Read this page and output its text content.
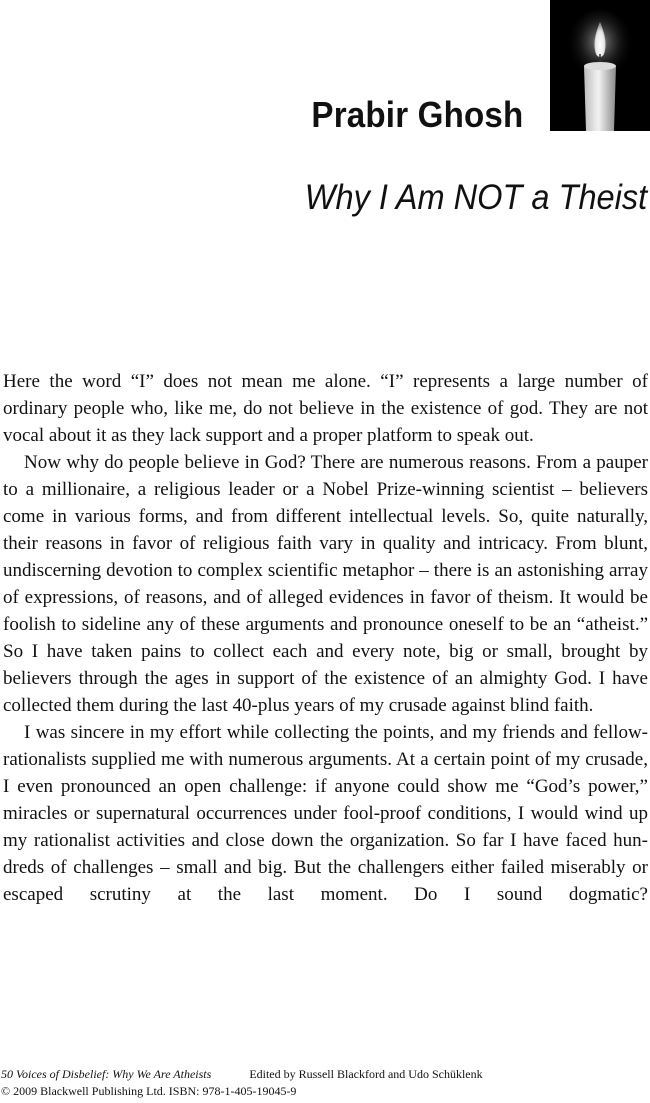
Prabir Ghosh
Why I Am NOT a Theist

Here the word “I” does not mean me alone. “I” represents a large number of ordinary people who, like me, do not believe in the existence of god. They are not vocal about it as they lack support and a proper platform to speak out.

Now why do people believe in God? There are numerous reasons. From a pauper to a millionaire, a religious leader or a Nobel Prize-winning scientist – believers come in various forms, and from different intellectual levels. So, quite naturally, their reasons in favor of religious faith vary in quality and intricacy. From blunt, undiscerning devotion to complex scientific metaphor – there is an astonishing array of expressions, of reasons, and of alleged evidences in favor of theism. It would be foolish to sideline any of these arguments and pronounce oneself to be an “atheist.” So I have taken pains to collect each and every note, big or small, brought by believers through the ages in support of the existence of an almighty God. I have collected them during the last 40-plus years of my crusade against blind faith.

I was sincere in my effort while collecting the points, and my friends and fellow-rationalists supplied me with numerous arguments. At a certain point of my crusade, I even pronounced an open challenge: if anyone could show me “God’s power,” miracles or supernatural occurrences under fool-proof conditions, I would wind up my rationalist activities and close down the organization. So far I have faced hundreds of challenges – small and big. But the challengers either failed miserably or escaped scrutiny at the last moment. Do I sound dogmatic?

50 Voices of Disbelief: Why We Are Atheists	Edited by Russell Blackford and Udo Schüklenk
© 2009 Blackwell Publishing Ltd. ISBN: 978-1-405-19045-9
